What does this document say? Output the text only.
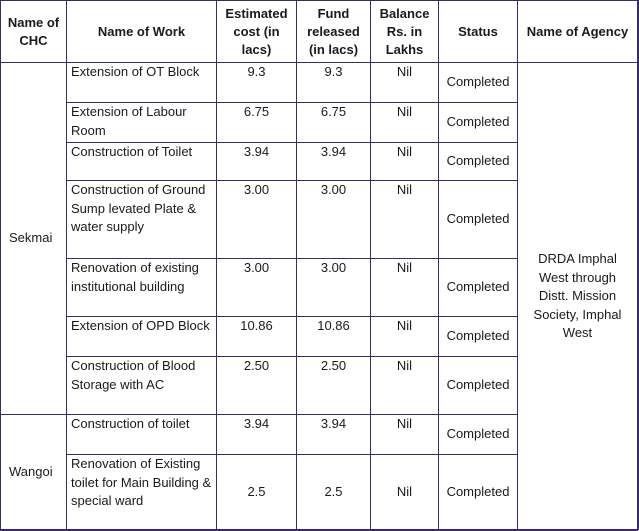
Name of CHC	Name of Work	Estimated cost (in lacs)	Fund released (in lacs)	Balance Rs. in Lakhs	Status	Name of Agency
Sekmai	Extension of OT Block	9.3	9.3	Nil	Completed	DRDA Imphal West through Distt. Mission Society, Imphal West

	Extension of Labour Room	6.75	6.75	Nil	Completed	
	Construction of Toilet	3.94	3.94	Nil	Completed	
	Construction of Ground Sump levated Plate & water supply	3.00	3.00	Nil	Completed	
	Renovation of existing institutional building	3.00	3.00	Nil	Completed	
	Extension of OPD Block	10.86	10.86	Nil	Completed	
	Construction of Blood Storage with AC	2.50	2.50	Nil	Completed	
Wangoi	Construction of toilet	3.94	3.94	Nil	Completed	
	Renovation of Existing toilet for Main Building & special ward	2.5	2.5	Nil	Completed	
